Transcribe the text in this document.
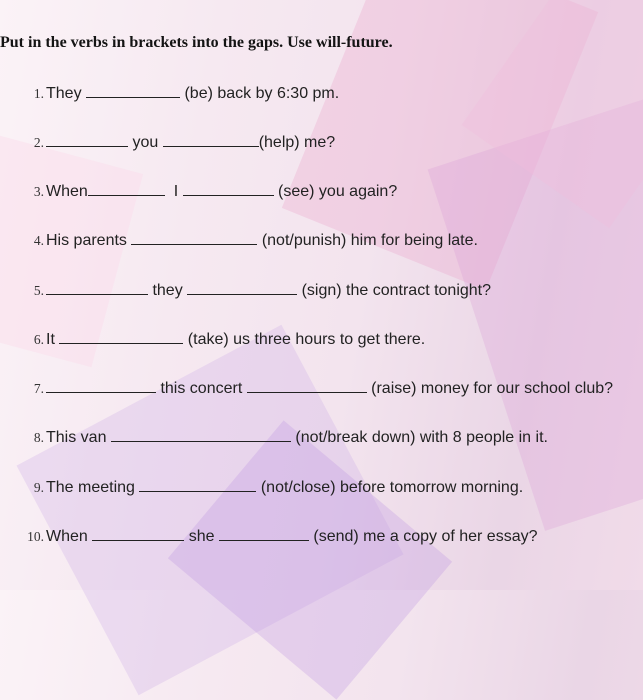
Put in the verbs in brackets into the gaps. Use will-future.
1. They	(be) back by 6:30 pm.
2.	you	(help) me?
3. When	I	(see) you again?
4. His parents	(not/punish) him for being late.
5.	they	(sign) the contract tonight?
6. It	(take) us three hours to get there.
7.	this concert	(raise) money for our school club?
8. This van	(not/break down) with 8 people in it.
9. The meeting	(not/close) before tomorrow morning.
10. When	she	(send) me a copy of her essay?
